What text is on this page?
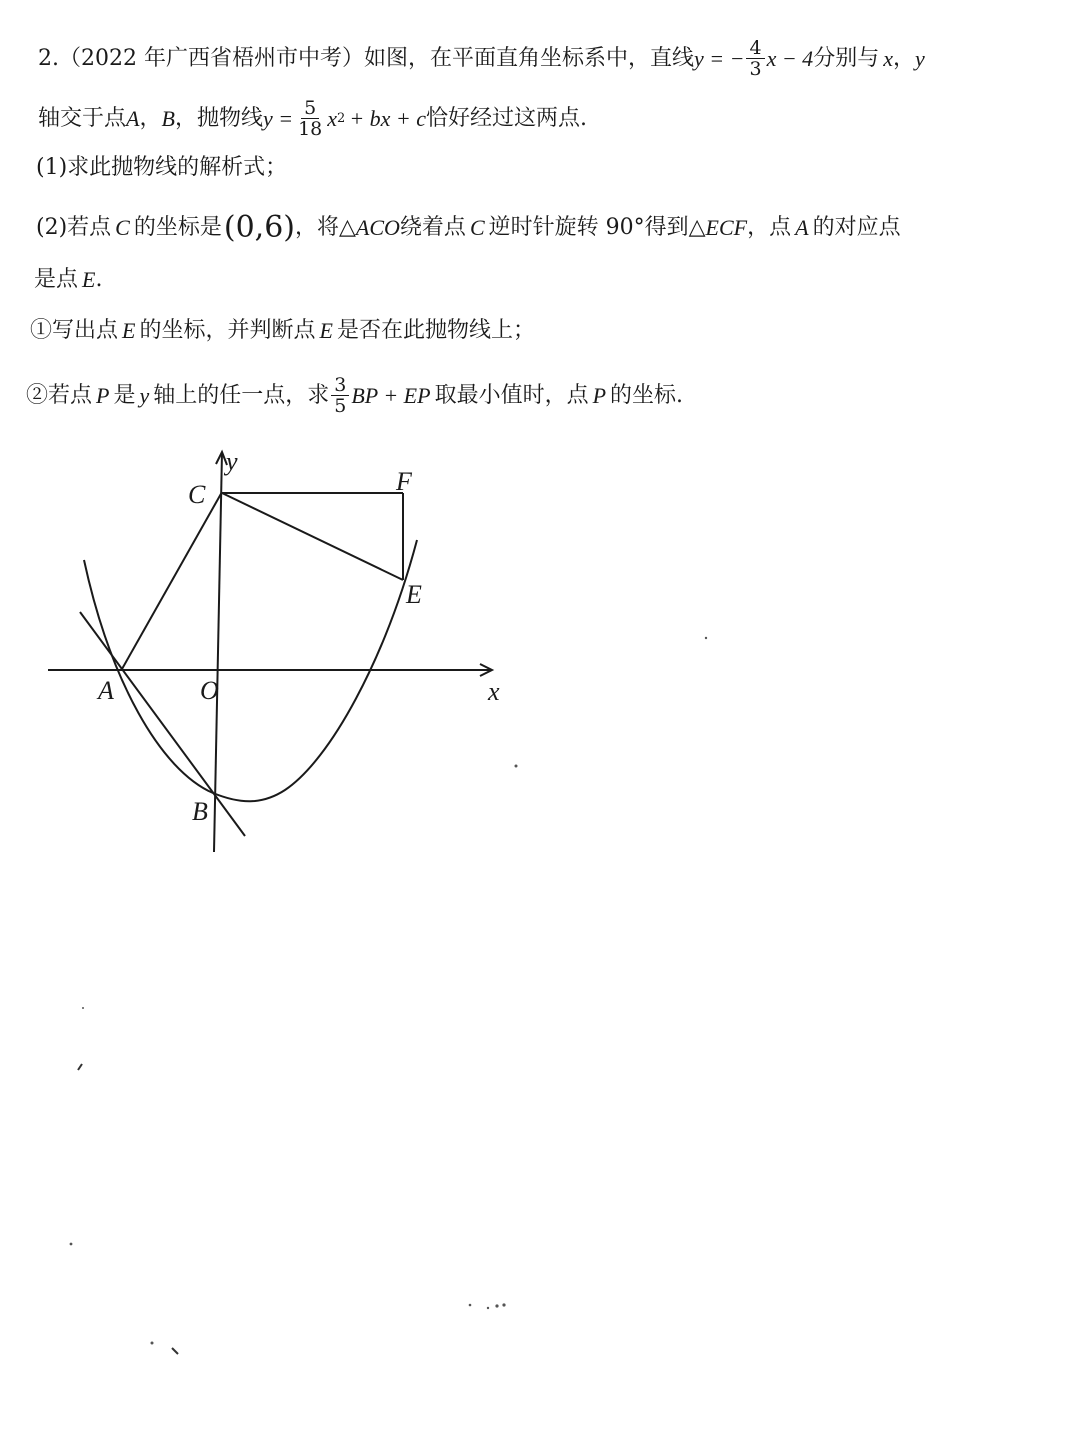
2. （2022 年广西省梧州市中考） 如图，在平面直角坐标系中，直线 y = − $\frac{4}{3}$ x − 4 分别与 x ， y
轴交于点 A ， B ，抛物线 $y = \frac{5}{18}$ x 2 + bx + c 恰好经过这两点.
(1)求此抛物线的解析式；
(2)若点 C 的坐标是 (0,6) ，将△ ACO 绕着点 C 逆时针旋转 90°得到△ ECF ，点 A 的对应点
是点 E .
①写出点 E 的坐标，并判断点 E 是否在此抛物线上；
②若点 P 是 y 轴上的任一点，求 $\frac{3}{5}$ BP + EP 取最小值时，点 P 的坐标.
y
x
C	F
E
A	O
B
